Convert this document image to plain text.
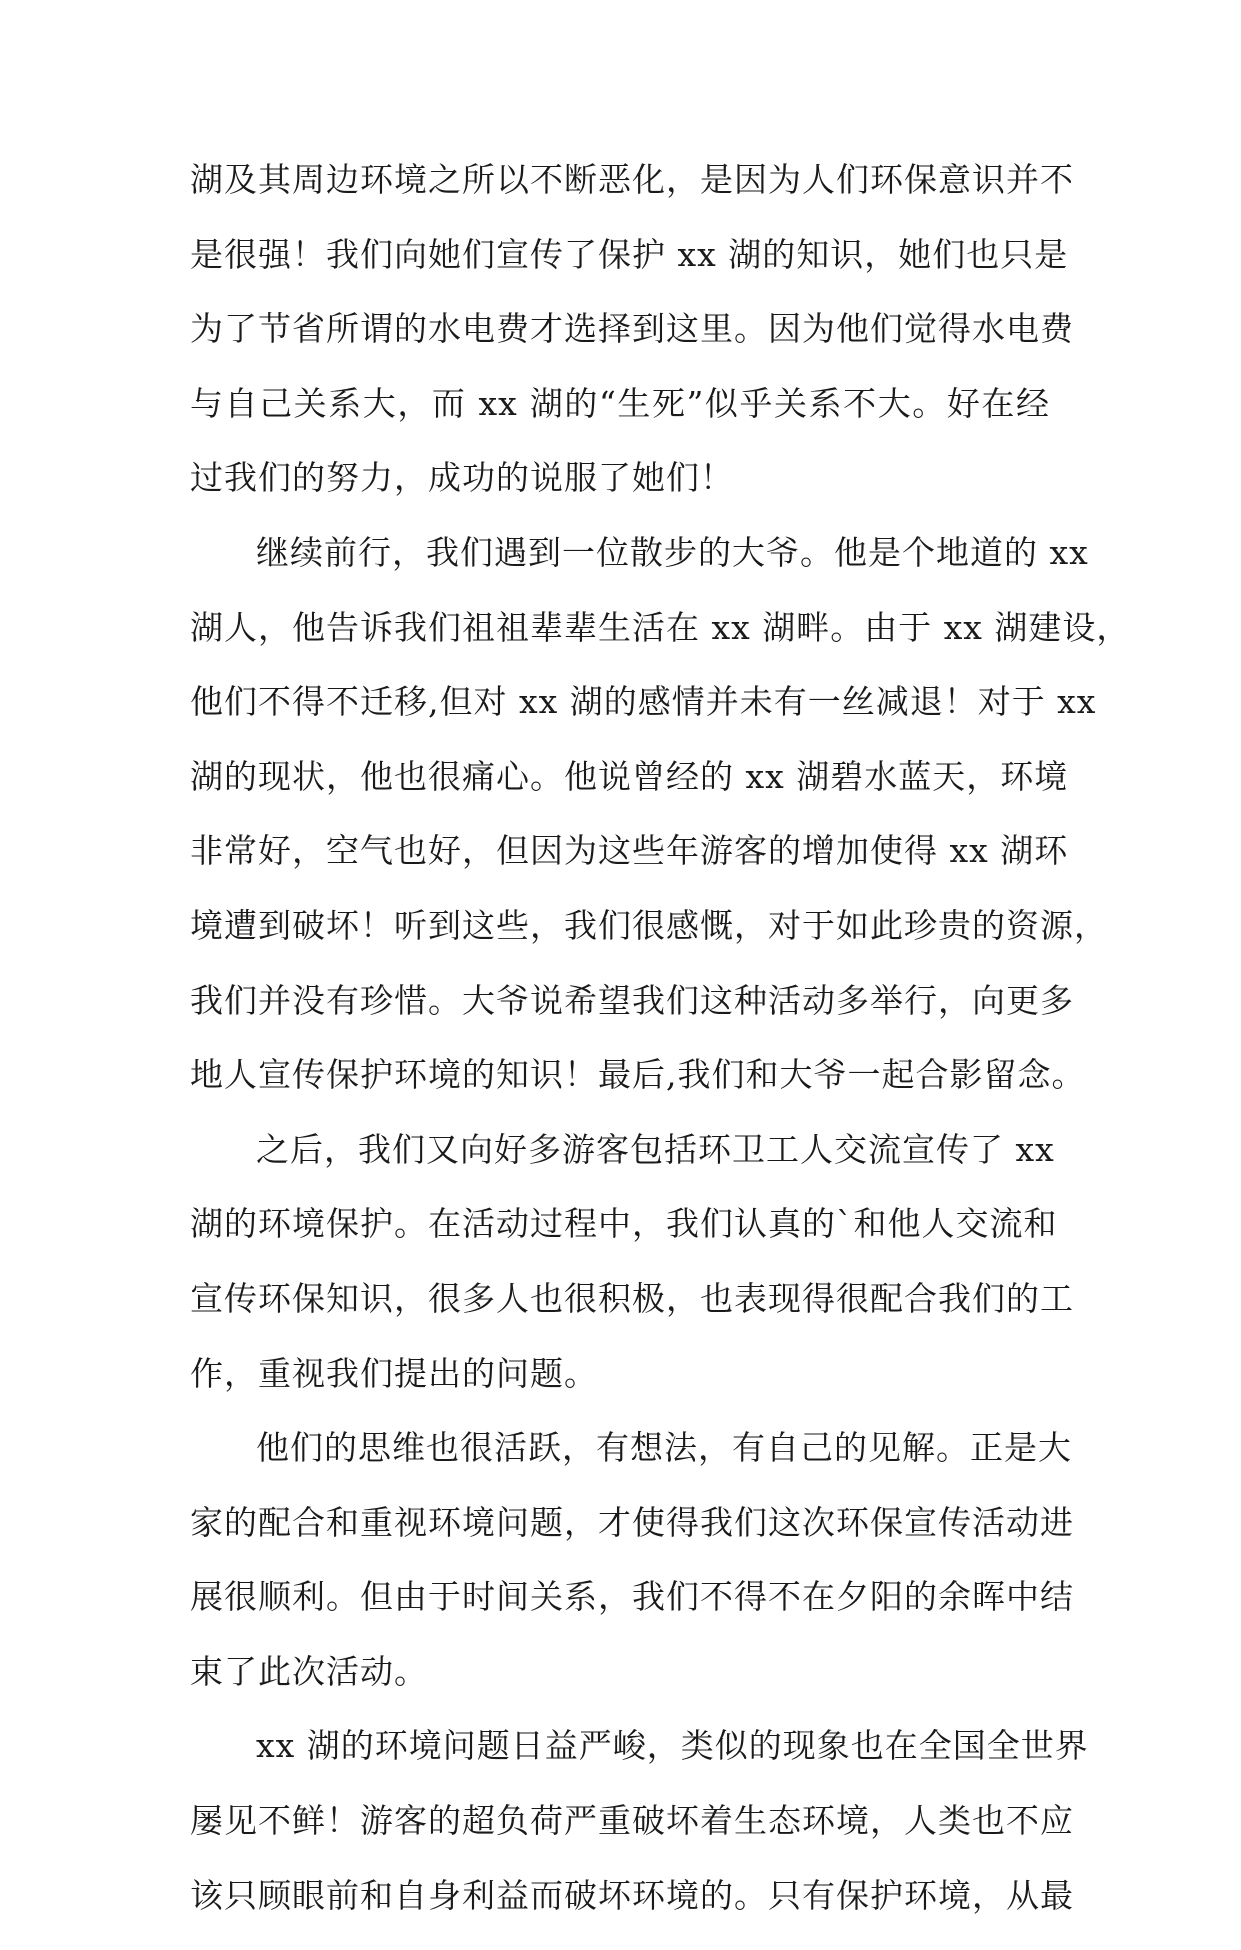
湖及其周边环境之所以不断恶化，是因为人们环保意识并不
是很强！我们向她们宣传了保护 xx 湖的知识，她们也只是
为了节省所谓的水电费才选择到这里。因为他们觉得水电费
与自己关系大，而 xx 湖的“生死”似乎关系不大。好在经
过我们的努力，成功的说服了她们！
继续前行，我们遇到一位散步的大爷。他是个地道的 xx
湖人，他告诉我们祖祖辈辈生活在 xx 湖畔。由于 xx 湖建设，
他们不得不迁移,但对 xx 湖的感情并未有一丝减退！对于 xx
湖的现状，他也很痛心。他说曾经的 xx 湖碧水蓝天，环境
非常好，空气也好，但因为这些年游客的增加使得 xx 湖环
境遭到破坏！听到这些，我们很感慨，对于如此珍贵的资源，
我们并没有珍惜。大爷说希望我们这种活动多举行，向更多
地人宣传保护环境的知识！最后,我们和大爷一起合影留念。
之后，我们又向好多游客包括环卫工人交流宣传了 xx
湖的环境保护。在活动过程中，我们认真的`和他人交流和
宣传环保知识，很多人也很积极，也表现得很配合我们的工
作，重视我们提出的问题。
他们的思维也很活跃，有想法，有自己的见解。正是大
家的配合和重视环境问题，才使得我们这次环保宣传活动进
展很顺利。但由于时间关系，我们不得不在夕阳的余晖中结
束了此次活动。
xx 湖的环境问题日益严峻，类似的现象也在全国全世界
屡见不鲜！游客的超负荷严重破坏着生态环境，人类也不应
该只顾眼前和自身利益而破坏环境的。只有保护环境，从最
